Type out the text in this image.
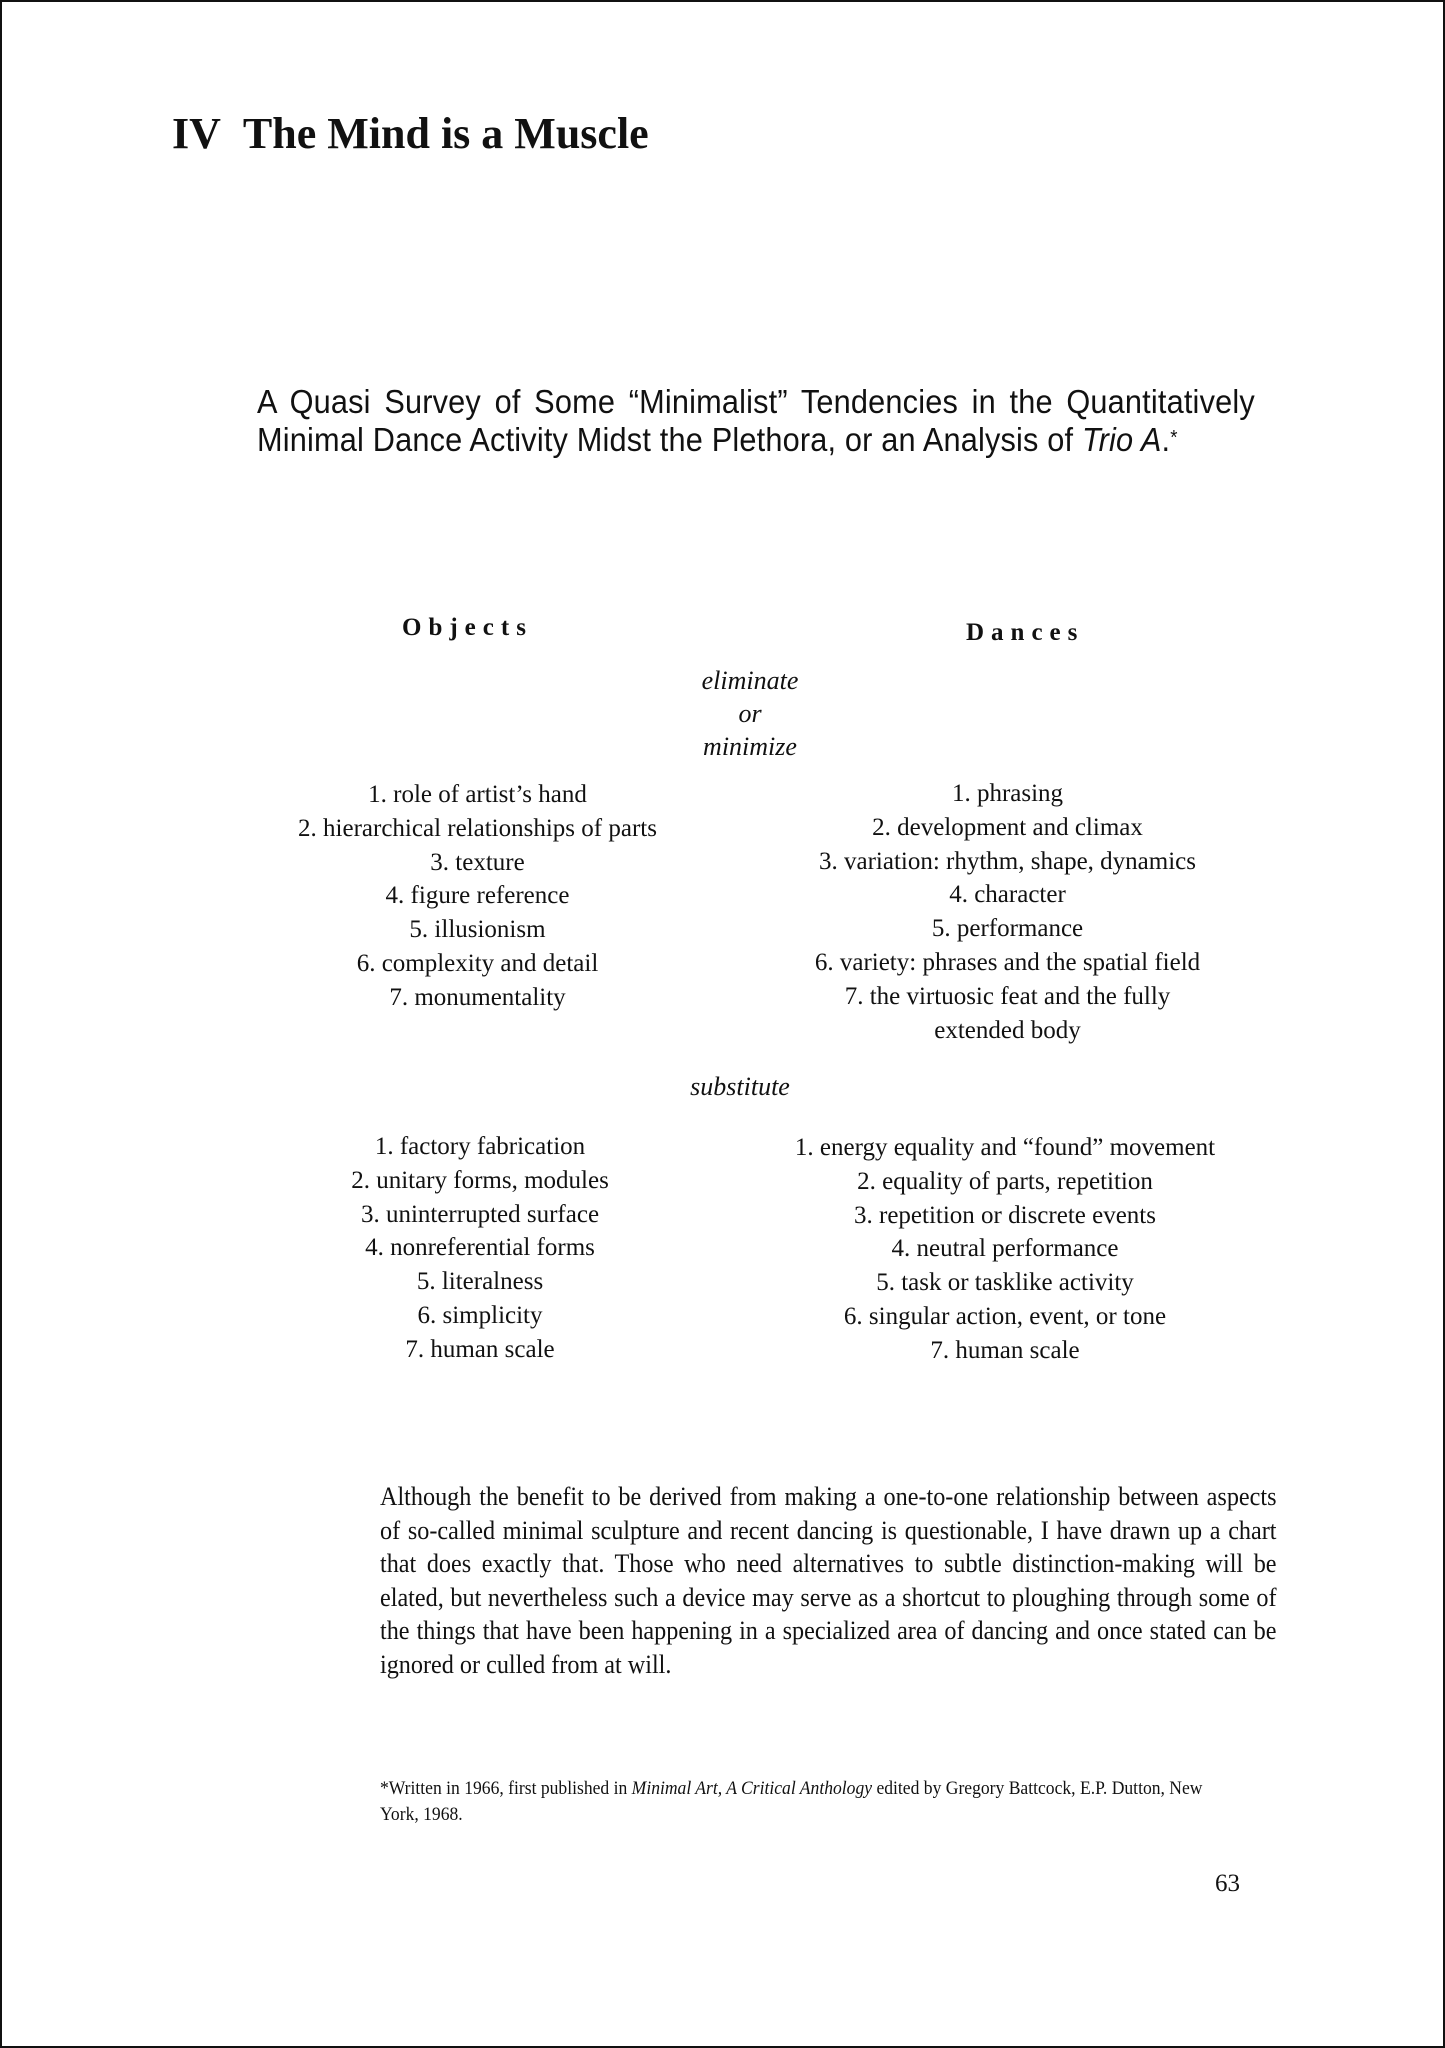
IV The Mind is a Muscle
A Quasi Survey of Some “Minimalist” Tendencies in the Quantitatively Minimal Dance Activity Midst the Plethora, or an Analysis of Trio A.*
Objects	Dances
eliminate
or
minimize
1. role of artist’s hand
2. hierarchical relationships of parts
3. texture
4. figure reference
5. illusionism
6. complexity and detail
7. monumentality
1. phrasing
2. development and climax
3. variation: rhythm, shape, dynamics
4. character
5. performance
6. variety: phrases and the spatial field
7. the virtuosic feat and the fully
extended body
substitute
1. factory fabrication
2. unitary forms, modules
3. uninterrupted surface
4. nonreferential forms
5. literalness
6. simplicity
7. human scale
1. energy equality and “found” movement
2. equality of parts, repetition
3. repetition or discrete events
4. neutral performance
5. task or tasklike activity
6. singular action, event, or tone
7. human scale

Although the benefit to be derived from making a one-to-one relationship between aspects of so-called minimal sculpture and recent dancing is questionable, I have drawn up a chart that does exactly that. Those who need alternatives to subtle distinction-making will be elated, but nevertheless such a device may serve as a shortcut to ploughing through some of the things that have been happening in a specialized area of dancing and once stated can be ignored or culled from at will.

*Written in 1966, first published in Minimal Art, A Critical Anthology edited by Gregory Battcock, E.P. Dutton, New York, 1968.

63
